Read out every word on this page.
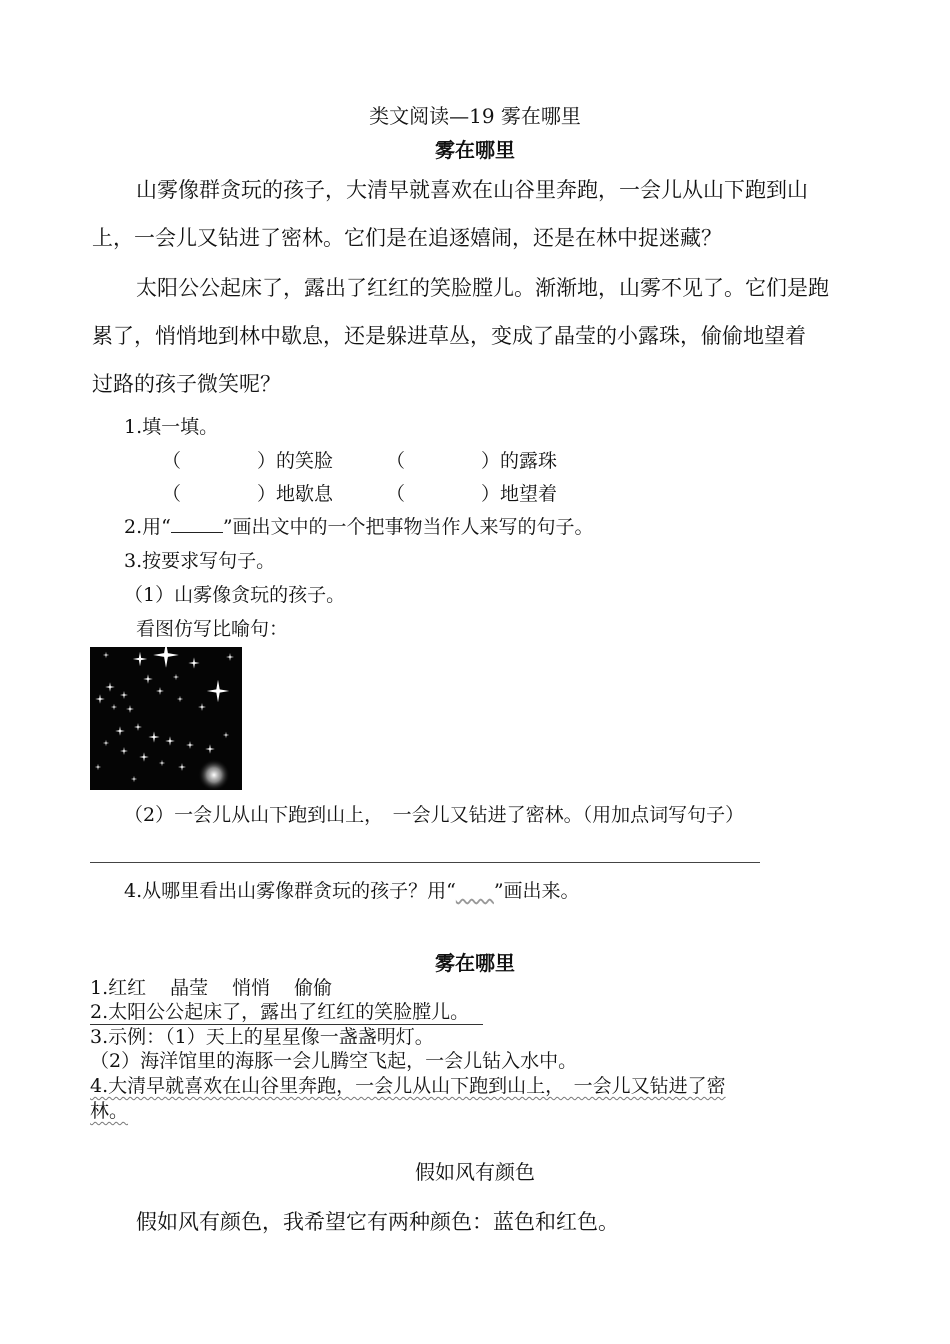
类文阅读—19 雾在哪里
雾在哪里
山雾像群贪玩的孩子，大清早就喜欢在山谷里奔跑，一会儿从山下跑到山
上，一会儿又钻进了密林。它们是在追逐嬉闹，还是在林中捉迷藏？
太阳公公起床了，露出了红红的笑脸膛儿。渐渐地，山雾不见了。它们是跑
累了，悄悄地到林中歇息，还是躲进草丛，变成了晶莹的小露珠，偷偷地望着
过路的孩子微笑呢？
1.填一填。
（　　　　）的笑脸	（　　　　）的露珠
（　　　　）地歇息	（　　　　）地望着
2.用“	”画出文中的一个把事物当作人来写的句子。
3.按要求写句子。
（1）山雾像贪玩的孩子。
看图仿写比喻句：
（2）一会儿从山下跑到山上，　一会儿又钻进了密林。（用加点词写句子）
4.从哪里看出山雾像群贪玩的孩子？用“　　 ”画出来。
雾在哪里
1.红红 晶莹 悄悄 偷偷
2.太阳公公起床了，露出了红红的笑脸膛儿。
3.示例：（1）天上的星星像一盏盏明灯。
（2）海洋馆里的海豚一会儿腾空飞起，一会儿钻入水中。
4.大清早就喜欢在山谷里奔跑，一会儿从山下跑到山上，　一会儿又钻进了密
林。
假如风有颜色
假如风有颜色，我希望它有两种颜色：蓝色和红色。
